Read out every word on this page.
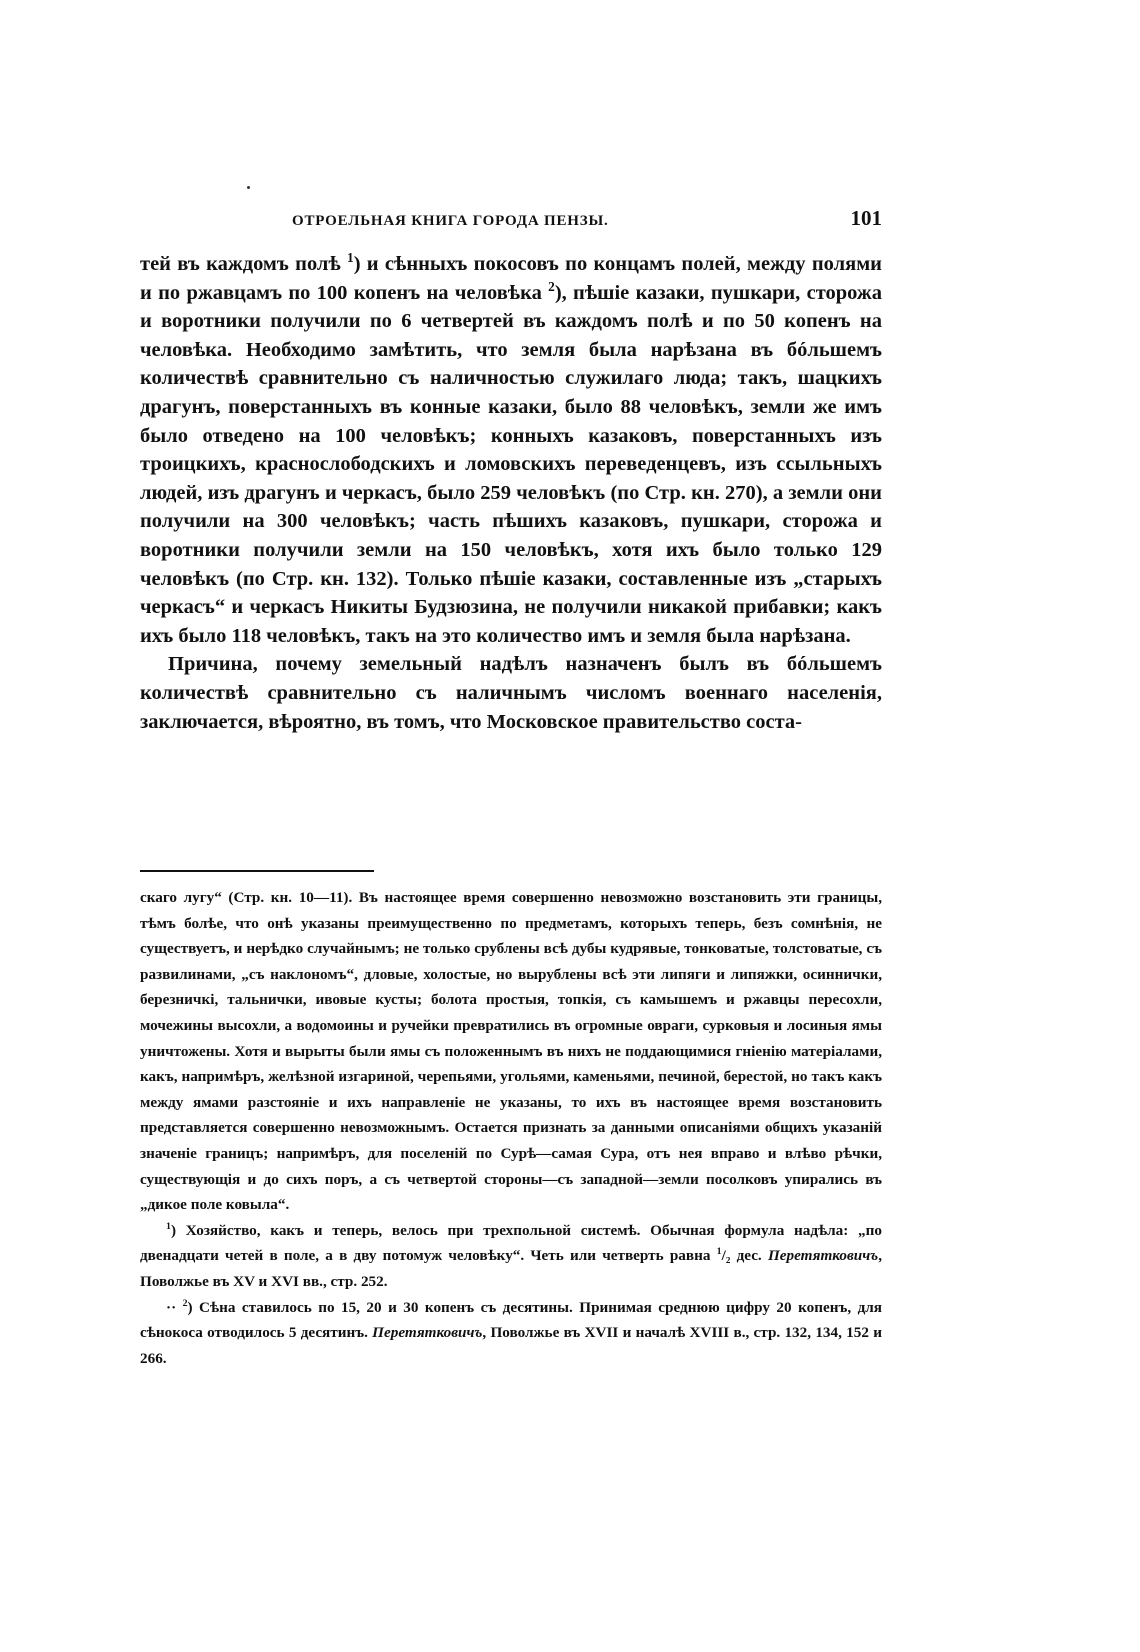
ОТРОЕЛЬНАЯ КНИГА ГОРОДА ПЕНЗЫ.	101

тей въ каждомъ полѣ $^1$) и сѣнныхъ покосовъ по концамъ полей, между полями и по ржавцамъ по 100 копенъ на человѣка $^2$), пѣшіе казаки, пушкари, сторожа и воротники получили по 6 четвертей въ каждомъ полѣ и по 50 копенъ на человѣка. Необходимо замѣтить, что земля была нарѣзана въ бóльшемъ количествѣ сравнительно съ наличностью служилаго люда; такъ, шацкихъ драгунъ, поверстанныхъ въ конные казаки, было 88 человѣкъ, земли же имъ было отведено на 100 человѣкъ; конныхъ казаковъ, поверстанныхъ изъ троицкихъ, краснослободскихъ и ломовскихъ переведенцевъ, изъ ссыльныхъ людей, изъ драгунъ и черкасъ, было 259 человѣкъ (по Стр. кн. 270), а земли они получили на 300 человѣкъ; часть пѣшихъ казаковъ, пушкари, сторожа и воротники получили земли на 150 человѣкъ, хотя ихъ было только 129 человѣкъ (по Стр. кн. 132). Только пѣшіе казаки, составленные изъ „старыхъ черкасъ“ и черкасъ Никиты Будзюзина, не получили никакой прибавки; какъ ихъ было 118 человѣкъ, такъ на это количество имъ и земля была нарѣзана.

Причина, почему земельный надѣлъ назначенъ былъ въ бóльшемъ количествѣ сравнительно съ наличнымъ числомъ военнаго населенія, заключается, вѣроятно, въ томъ, что Московское правительство соста-

скаго лугу“ (Стр. кн. 10—11). Въ настоящее время совершенно невозможно возстановить эти границы, тѣмъ болѣе, что онѣ указаны преимущественно по предметамъ, которыхъ теперь, безъ сомнѣнія, не существуетъ, и нерѣдко случайнымъ; не только срублены всѣ дубы кудрявые, тонковатые, толстоватые, съ развилинами, „съ наклономъ“, дловые, холостые, но вырублены всѣ эти липяги и липяжки, осиннички, березничкі, тальнички, ивовые кусты; болота простыя, топкія, съ камышемъ и ржавцы пересохли, мочежины высохли, а водомоины и ручейки превратились въ огромные овраги, сурковыя и лосиныя ямы уничтожены. Хотя и вырыты были ямы съ положеннымъ въ нихъ не поддающимися гніенію матеріалами, какъ, напримѣръ, желѣзной изгариной, черепьями, угольями, каменьями, печиной, берестой, но такъ какъ между ямами разстояніе и ихъ направленіе не указаны, то ихъ въ настоящее время возстановить представляется совершенно невозможнымъ. Остается признать за данными описаніями общихъ указаній значеніе границъ; напримѣръ, для поселеній по Сурѣ—самая Сура, отъ нея вправо и влѣво рѣчки, существующія и до сихъ поръ, а съ четвертой стороны—съ западной—земли посолковъ упирались въ „дикое поле ковыла“.

$^1$) Хозяйство, какъ и теперь, велось при трехпольной системѣ. Обычная формула надѣла: „по двенадцати четей в поле, а в дву потомуж человѣку“. Четь или четверть равна $^1$/₂ дес. Перетятковичъ, Поволжье въ XV и XVI вв., стр. 252.

·· $^2$) Сѣна ставилось по 15, 20 и 30 копенъ съ десятины. Принимая среднюю цифру 20 копенъ, для сѣнокоса отводилось 5 десятинъ. Перетятковичъ, Поволжье въ XVII и началѣ XVIII в., стр. 132, 134, 152 и 266.
